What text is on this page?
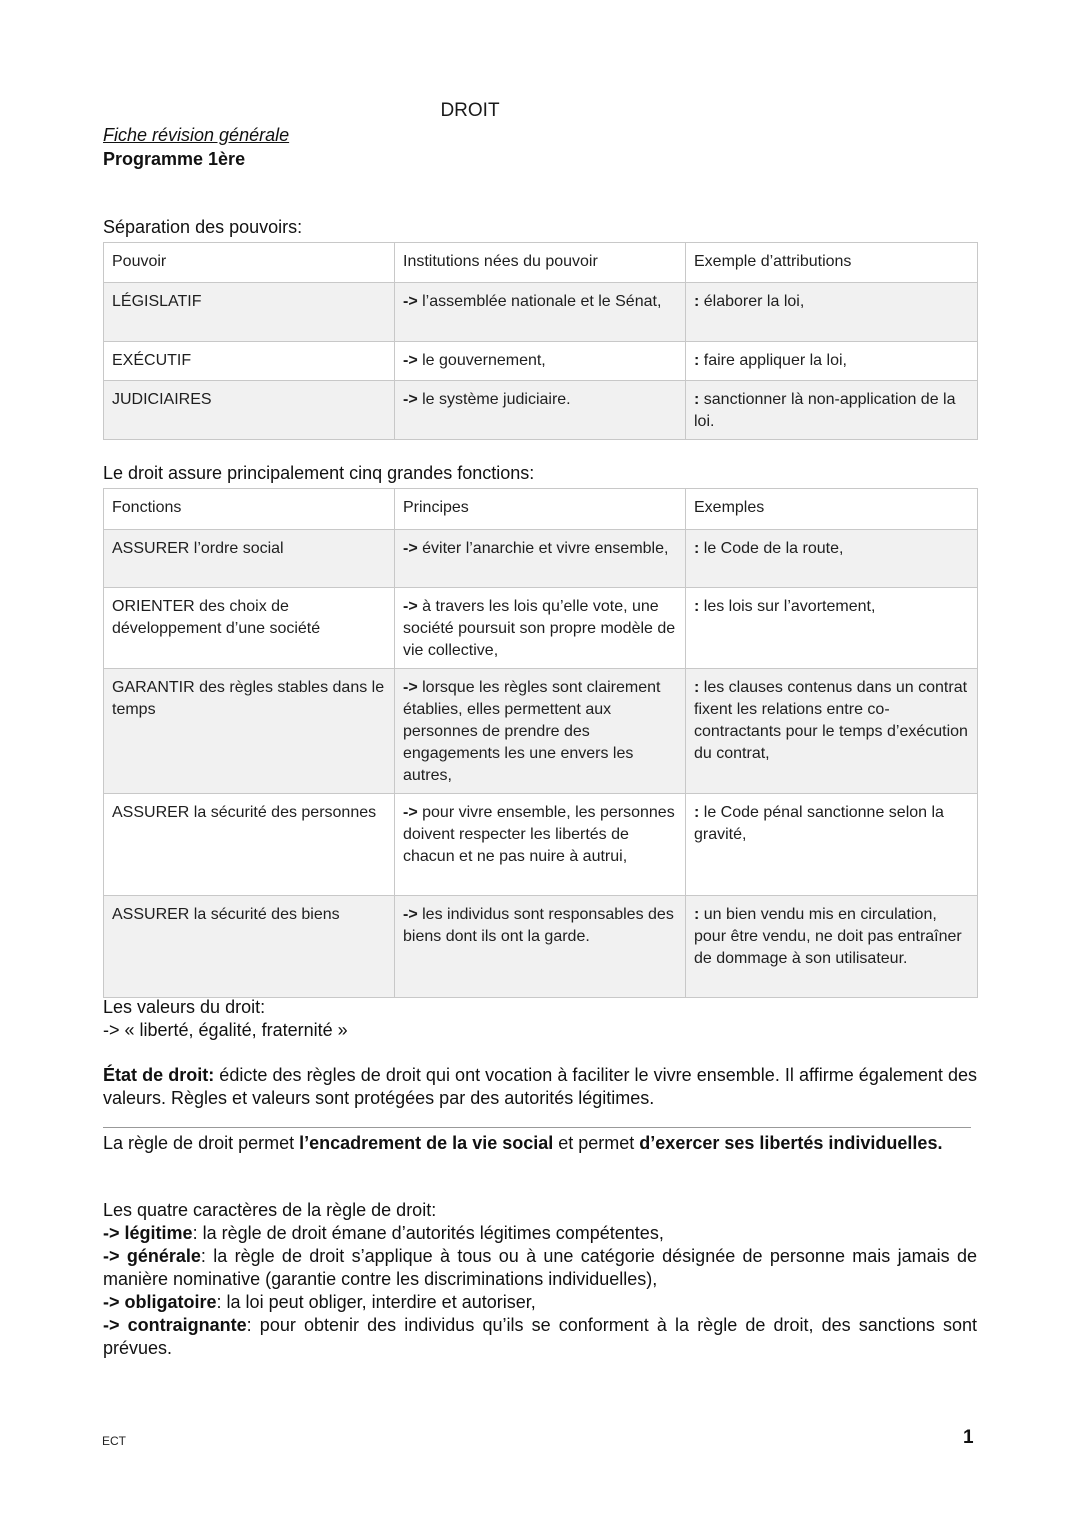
DROIT
Fiche révision générale
Programme 1ère
Séparation des pouvoirs:
Pouvoir	Institutions nées du pouvoir	Exemple d’attributions
LÉGISLATIF	-> l’assemblée nationale et le Sénat,	: élaborer la loi,
EXÉCUTIF	-> le gouvernement,	: faire appliquer la loi,
JUDICIAIRES	-> le système judiciaire.	: sanctionner là non-application de la loi.
Le droit assure principalement cinq grandes fonctions:
Fonctions	Principes	Exemples
ASSURER l’ordre social	-> éviter l’anarchie et vivre ensemble,	: le Code de la route,
ORIENTER des choix de développement d’une société	-> à travers les lois qu’elle vote, une société poursuit son propre modèle de vie collective,	: les lois sur l’avortement,
GARANTIR des règles stables dans le temps	-> lorsque les règles sont clairement établies, elles permettent aux personnes de prendre des engagements les une envers les autres,	: les clauses contenus dans un contrat fixent les relations entre co-contractants pour le temps d’exécution du contrat,
ASSURER la sécurité des personnes	-> pour vivre ensemble, les personnes doivent respecter les libertés de chacun et ne pas nuire à autrui,	: le Code pénal sanctionne selon la gravité,
ASSURER la sécurité des biens	-> les individus sont responsables des biens dont ils ont la garde.	: un bien vendu mis en circulation, pour être vendu, ne doit pas entraîner de dommage à son utilisateur.
Les valeurs du droit:
-> « liberté, égalité, fraternité »
État de droit: édicte des règles de droit qui ont vocation à faciliter le vivre ensemble. Il affirme également des valeurs. Règles et valeurs sont protégées par des autorités légitimes.
La règle de droit permet l’encadrement de la vie social et permet d’exercer ses libertés individuelles.
Les quatre caractères de la règle de droit:
-> légitime: la règle de droit émane d’autorités légitimes compétentes,
-> générale: la règle de droit s’applique à tous ou à une catégorie désignée de personne mais jamais de manière nominative (garantie contre les discriminations individuelles),
-> obligatoire: la loi peut obliger, interdire et autoriser,
-> contraignante: pour obtenir des individus qu’ils se conforment à la règle de droit, des sanctions sont prévues.
ECT	1
